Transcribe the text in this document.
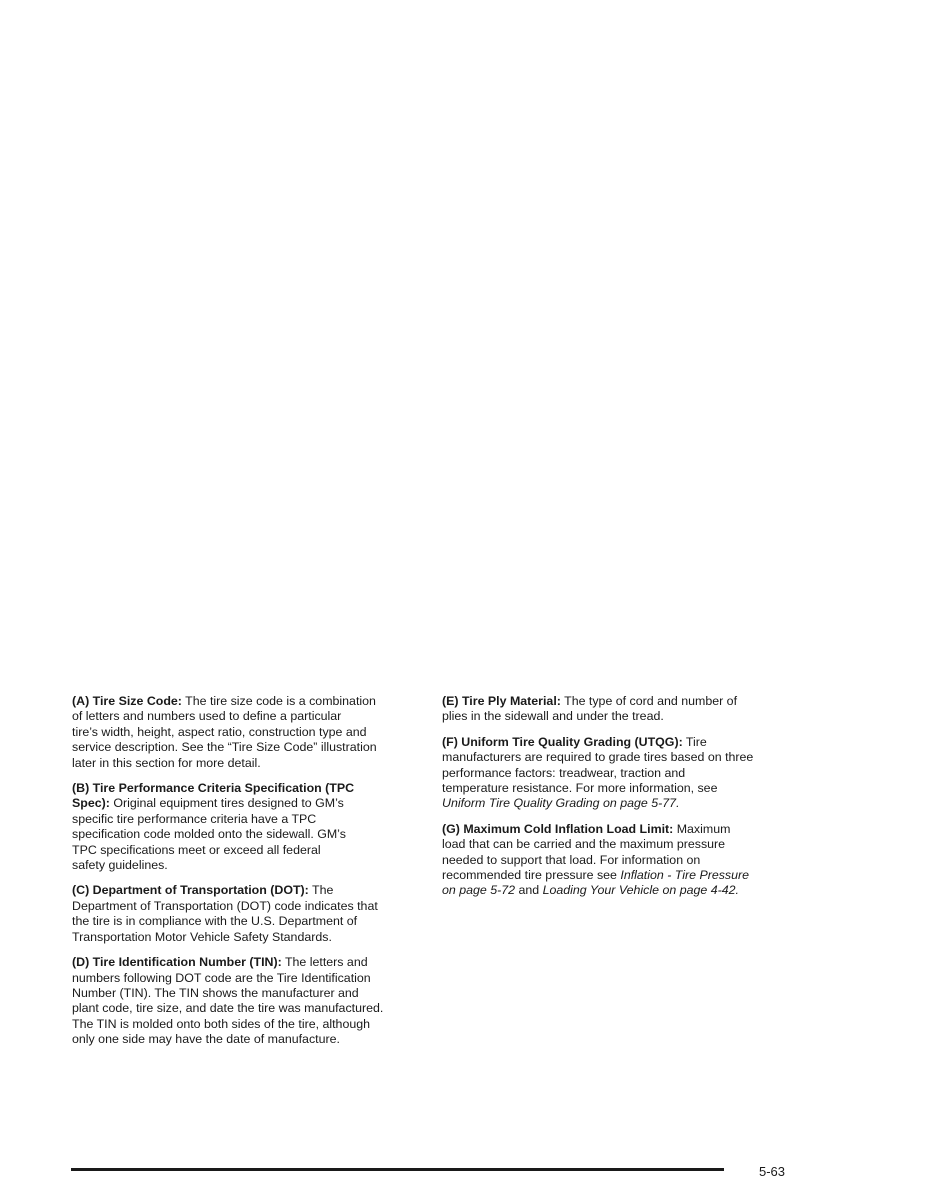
(A) Tire Size Code: The tire size code is a combination
of letters and numbers used to define a particular
tire’s width, height, aspect ratio, construction type and
service description. See the “Tire Size Code” illustration
later in this section for more detail.

(B) Tire Performance Criteria Specification (TPC
Spec): Original equipment tires designed to GM’s
specific tire performance criteria have a TPC
specification code molded onto the sidewall. GM’s
TPC specifications meet or exceed all federal
safety guidelines.

(C) Department of Transportation (DOT): The
Department of Transportation (DOT) code indicates that
the tire is in compliance with the U.S. Department of
Transportation Motor Vehicle Safety Standards.

(D) Tire Identification Number (TIN): The letters and
numbers following DOT code are the Tire Identification
Number (TIN). The TIN shows the manufacturer and
plant code, tire size, and date the tire was manufactured.
The TIN is molded onto both sides of the tire, although
only one side may have the date of manufacture.

(E) Tire Ply Material: The type of cord and number of
plies in the sidewall and under the tread.

(F) Uniform Tire Quality Grading (UTQG): Tire
manufacturers are required to grade tires based on three
performance factors: treadwear, traction and
temperature resistance. For more information, see
Uniform Tire Quality Grading on page 5-77.

(G) Maximum Cold Inflation Load Limit: Maximum
load that can be carried and the maximum pressure
needed to support that load. For information on
recommended tire pressure see Inflation - Tire Pressure
on page 5-72 and Loading Your Vehicle on page 4-42.

5-63
